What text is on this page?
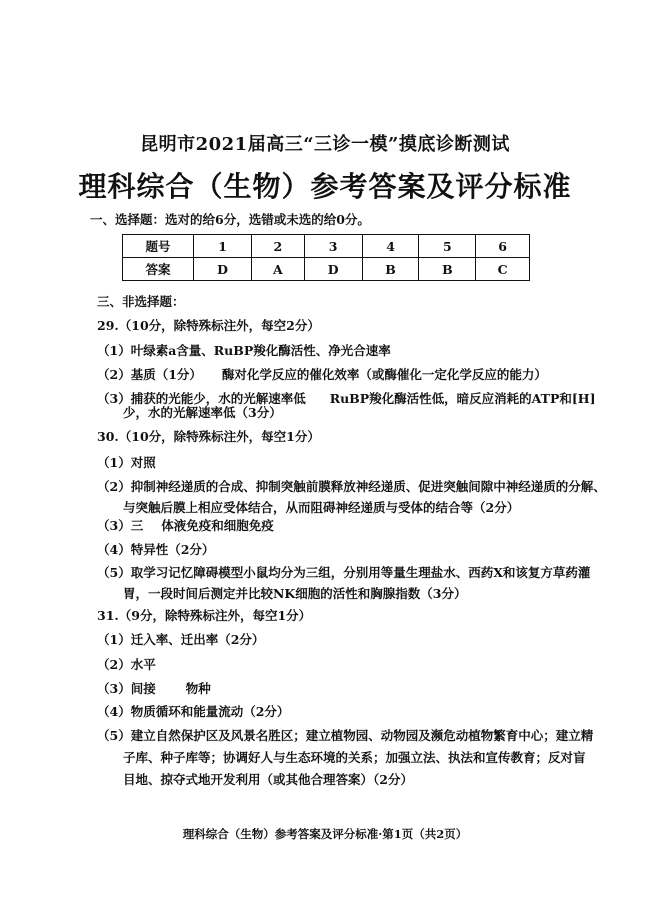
昆明市2021届高三“三诊一模”摸底诊断测试
理科综合（生物）参考答案及评分标准
一、选择题：选对的给6分，选错或未选的给0分。
题号	1	2	3	4	5	6
答案	D	A	D	B	B	C
三、非选择题：
29.（10分，除特殊标注外，每空2分）
（1）叶绿素a含量、RuBP羧化酶活性、净光合速率
（2）基质（1分） 酶对化学反应的催化效率（或酶催化一定化学反应的能力）
（3）捕获的光能少，水的光解速率低 RuBP羧化酶活性低，暗反应消耗的ATP和[H]
少，水的光解速率低（3分）
30.（10分，除特殊标注外，每空1分）
（1）对照
（2）抑制神经递质的合成、抑制突触前膜释放神经递质、促进突触间隙中神经递质的分解、
与突触后膜上相应受体结合，从而阻碍神经递质与受体的结合等（2分）
（3）三 体液免疫和细胞免疫
（4）特异性（2分）
（5）取学习记忆障碍模型小鼠均分为三组，分别用等量生理盐水、西药X和该复方草药灌
胃，一段时间后测定并比较NK细胞的活性和胸腺指数（3分）
31.（9分，除特殊标注外，每空1分）
（1）迁入率、迁出率（2分）
（2）水平
（3）间接 物种
（4）物质循环和能量流动（2分）
（5）建立自然保护区及风景名胜区；建立植物园、动物园及濒危动植物繁育中心；建立精
子库、种子库等；协调好人与生态环境的关系；加强立法、执法和宣传教育；反对盲
目地、掠夺式地开发利用（或其他合理答案）（2分）
理科综合（生物）参考答案及评分标准·第1页（共2页）
